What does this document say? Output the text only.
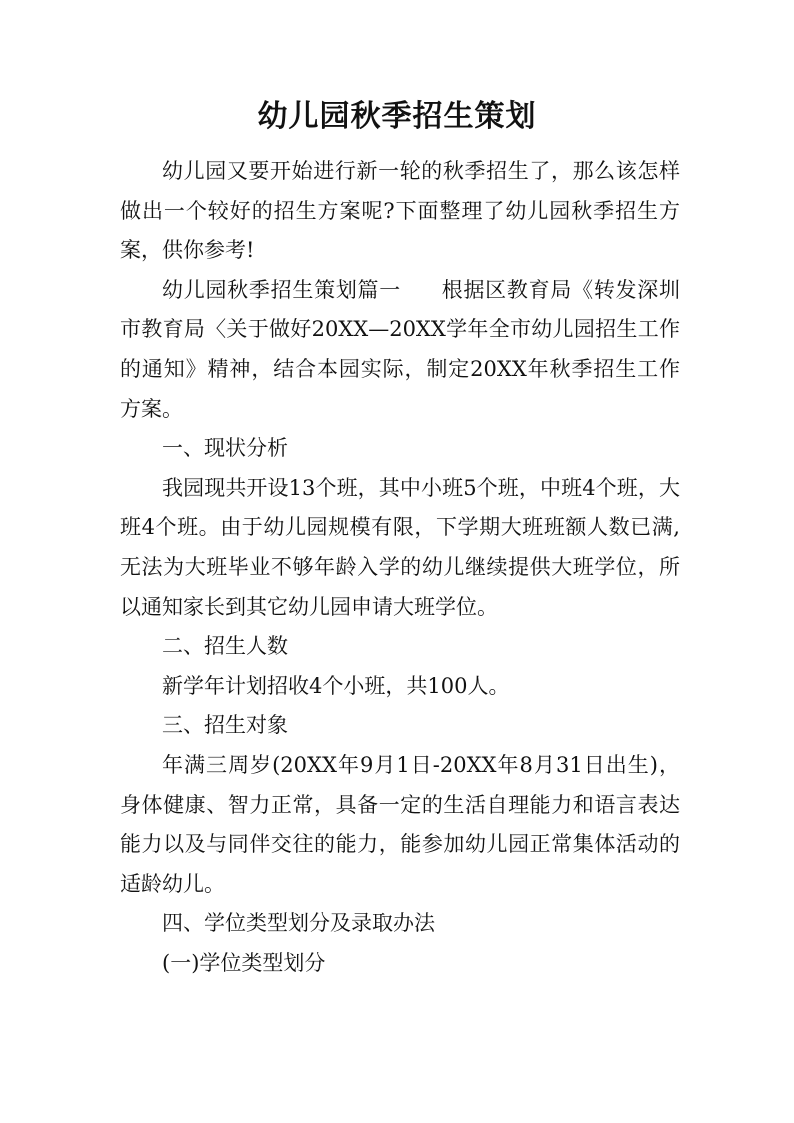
幼儿园秋季招生策划

幼儿园又要开始进行新一轮的秋季招生了，那么该怎样做出一个较好的招生方案呢?下面整理了幼儿园秋季招生方案，供你参考!

幼儿园秋季招生策划篇一 根据区教育局《转发深圳市教育局〈关于做好20XX—20XX学年全市幼儿园招生工作的通知》精神，结合本园实际，制定20XX年秋季招生工作方案。

一、现状分析

我园现共开设13个班，其中小班5个班，中班4个班，大班4个班。由于幼儿园规模有限，下学期大班班额人数已满,无法为大班毕业不够年龄入学的幼儿继续提供大班学位，所以通知家长到其它幼儿园申请大班学位。

二、招生人数

新学年计划招收4个小班，共100人。

三、招生对象

年满三周岁(20XX年9月1日-20XX年8月31日出生)，身体健康、智力正常，具备一定的生活自理能力和语言表达能力以及与同伴交往的能力，能参加幼儿园正常集体活动的适龄幼儿。

四、学位类型划分及录取办法

(一)学位类型划分
